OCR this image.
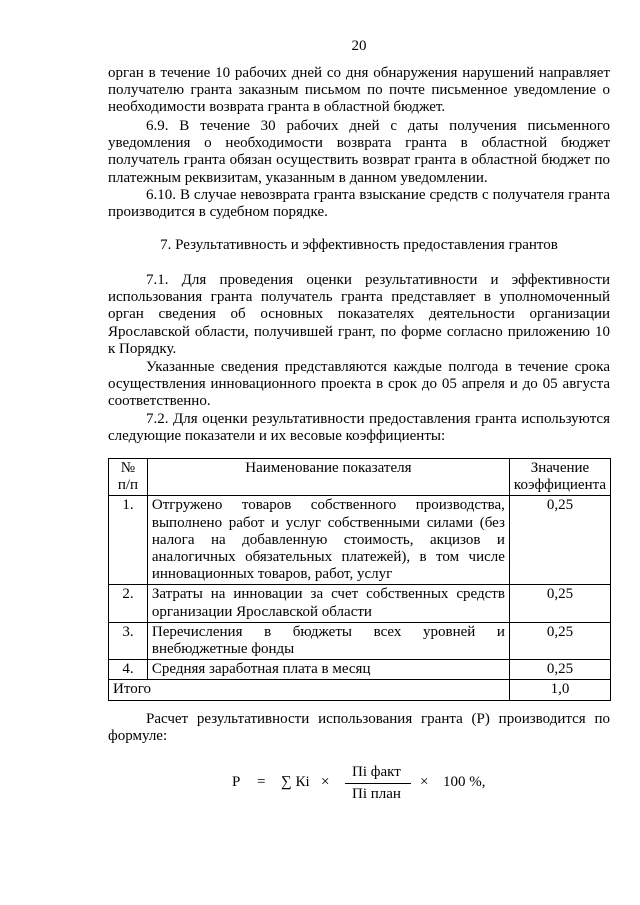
20

орган в течение 10 рабочих дней со дня обнаружения нарушений направляет получателю гранта заказным письмом по почте письменное уведомление о необходимости возврата гранта в областной бюджет.

6.9. В течение 30 рабочих дней с даты получения письменного уведомления о необходимости возврата гранта в областной бюджет получатель гранта обязан осуществить возврат гранта в областной бюджет по платежным реквизитам, указанным в данном уведомлении.

6.10. В случае невозврата гранта взыскание средств с получателя гранта производится в судебном порядке.

7. Результативность и эффективность предоставления грантов

7.1. Для проведения оценки результативности и эффективности использования гранта получатель гранта представляет в уполномоченный орган сведения об основных показателях деятельности организации Ярославской области, получившей грант, по форме согласно приложению 10 к Порядку.

Указанные сведения представляются каждые полгода в течение срока осуществления инновационного проекта в срок до 05 апреля и до 05 августа соответственно.

7.2. Для оценки результативности предоставления гранта используются следующие показатели и их весовые коэффициенты:

№ п/п	Наименование показателя	Значение коэффициента
1.	Отгружено товаров собственного производства, выполнено работ и услуг собственными силами (без налога на добавленную стоимость, акцизов и аналогичных обязательных платежей), в том числе инновационных товаров, работ, услуг	0,25
2.	Затраты на инновации за счет собственных средств организации Ярославской области	0,25
3.	Перечисления в бюджеты всех уровней и внебюджетные фонды	0,25
4.	Средняя заработная плата в месяц	0,25
Итого		1,0

Расчет результативности использования гранта (Р) производится по формуле:

Р = ∑ Кi ×
Пi факт
Пi план
× 100 %,
